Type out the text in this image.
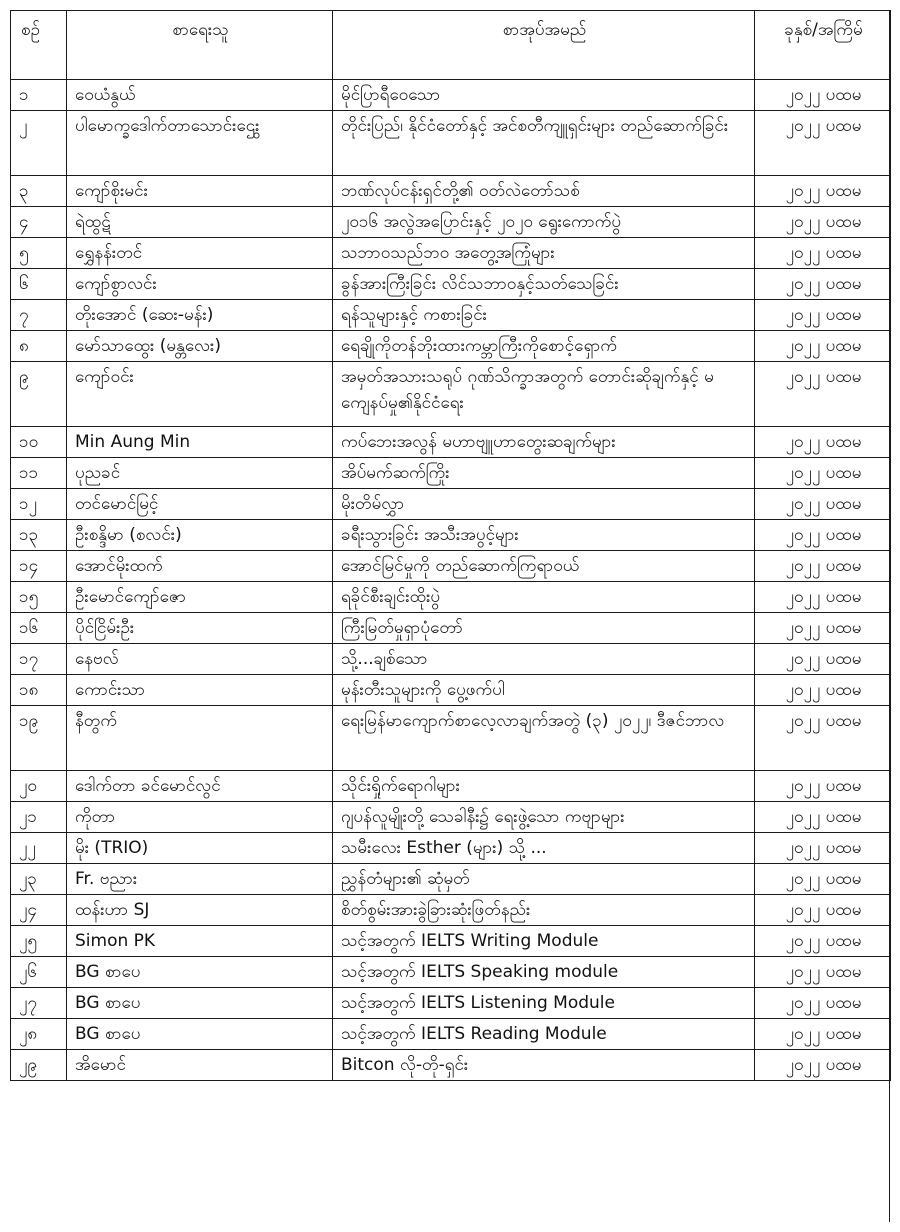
စဉ်	စာရေးသူ	စာအုပ်အမည်	ခုနှစ်/အကြိမ်
၁	ဝေယံနွယ်	မိုင်ပြာရီဝေသော	၂၀၂၂ ပထမ
၂	ပါမောက္ခဒေါက်တာသောင်းဌွေး	တိုင်းပြည်၊ နိုင်ငံတော်နှင့် အင်စတီကျူရှင်းများ တည်ဆောက်ခြင်း	၂၀၂၂ ပထမ
၃	ကျော်စိုးမင်း	ဘဏ်လုပ်ငန်းရှင်တို့၏ ဝတ်လဲတော်သစ်	၂၀၂၂ ပထမ
၄	ရဲထွဋ်	၂၀၁၆ အလွဲအပြောင်းနှင့် ၂၀၂၀ ရွေးကောက်ပွဲ	၂၀၂၂ ပထမ
၅	ရွှေနန်းတင်	သဘာဝသည်ဘဝ အတွေ့အကြုံများ	၂၀၂၂ ပထမ
၆	ကျော်စွာလင်း	ခွန်အားကြီးခြင်း လိင်သဘာဝနှင့်သတ်သေခြင်း	၂၀၂၂ ပထမ
၇	တိုးအောင် (ဆေး-မန်း)	ရန်သူများနှင့် ကစားခြင်း	၂၀၂၂ ပထမ
၈	မော်သာထွေး (မန္တလေး)	ရေချိုကိုတန်ဘိုးထားကမ္ဘာကြီးကိုစောင့်ရှောက်	၂၀၂၂ ပထမ
၉	ကျော်ဝင်း	အမှတ်အသားသရုပ် ဂုဏ်သိက္ခာအတွက် တောင်းဆိုချက်နှင့် မကျေနပ်မှု၏နိုင်ငံရေး	၂၀၂၂ ပထမ
၁၀	Min Aung Min	ကပ်ဘေးအလွန် မဟာဗျူဟာတွေးဆချက်များ	၂၀၂၂ ပထမ
၁၁	ပုညခင်	အိပ်မက်ဆက်ကြိုး	၂၀၂၂ ပထမ
၁၂	တင်မောင်မြင့်	မိုးတိမ်လွှာ	၂၀၂၂ ပထမ
၁၃	ဦးစန္ဒိမာ (စလင်း)	ခရီးသွားခြင်း အသီးအပွင့်များ	၂၀၂၂ ပထမ
၁၄	အောင်မိုးထက်	အောင်မြင်မှုကို တည်ဆောက်ကြရာဝယ်	၂၀၂၂ ပထမ
၁၅	ဦးမောင်ကျော်ဇော	ရခိုင်စီးချင်းထိုးပွဲ	၂၀၂၂ ပထမ
၁၆	ပိုင်ငြိမ်းဦး	ကြီးမြတ်မှုရှာပုံတော်	၂၀၂၂ ပထမ
၁၇	နေဗလ်	သို့...ချစ်သော	၂၀၂၂ ပထမ
၁၈	ကောင်းသာ	မုန်းတီးသူများကို ပွေ့ဖက်ပါ	၂၀၂၂ ပထမ
၁၉	နီတွက်	ရေးမြန်မာကျောက်စာလေ့လာချက်အတွဲ (၃) ၂၀၂၂၊ ဒီဇင်ဘာလ	၂၀၂၂ ပထမ
၂၀	ဒေါက်တာ ခင်မောင်လွင်	သိုင်းရှိုက်ရောဂါများ	၂၀၂၂ ပထမ
၂၁	ကိုတာ	ဂျပန်လူမျိုးတို့ သေခါနီး၌ ရေးဖွဲ့သော ကဗျာများ	၂၀၂၂ ပထမ
၂၂	မိုး (TRIO)	သမီးလေး Esther (များ) သို့ ...	၂၀၂၂ ပထမ
၂၃	Fr. ဗညား	ညွှန်တံများ၏ ဆုံမှတ်	၂၀၂၂ ပထမ
၂၄	ထန်းဟာ SJ	စိတ်စွမ်းအားခွဲခြားဆုံးဖြတ်နည်း	၂၀၂၂ ပထမ
၂၅	Simon PK	သင့်အတွက် IELTS Writing Module	၂၀၂၂ ပထမ
၂၆	BG စာပေ	သင့်အတွက် IELTS Speaking module	၂၀၂၂ ပထမ
၂၇	BG စာပေ	သင့်အတွက် IELTS Listening Module	၂၀၂၂ ပထမ
၂၈	BG စာပေ	သင့်အတွက် IELTS Reading Module	၂၀၂၂ ပထမ
၂၉	အိမောင်	Bitcon လို-တို-ရှင်း	၂၀၂၂ ပထမ
